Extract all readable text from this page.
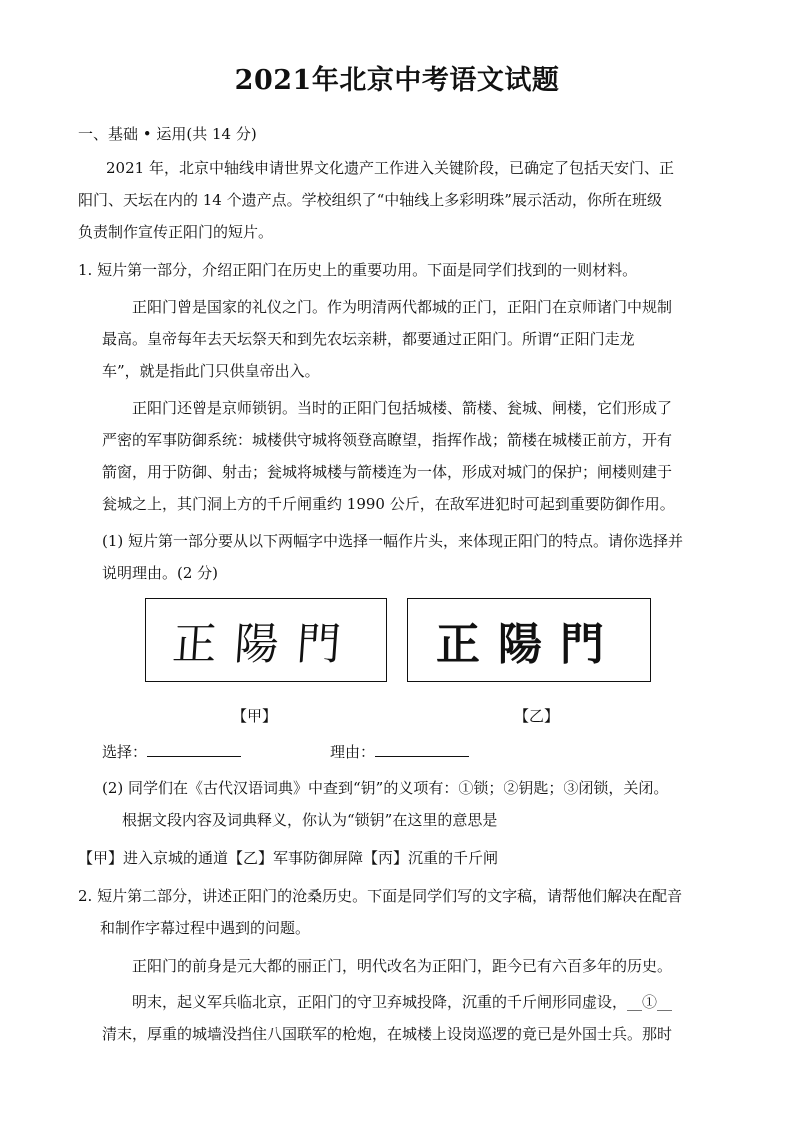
2021年北京中考语文试题
一、基础 • 运用(共 14 分)
2021 年，北京中轴线申请世界文化遗产工作进入关键阶段，已确定了包括天安门、正
阳门、天坛在内的 14 个遗产点。学校组织了“中轴线上多彩明珠”展示活动，你所在班级
负责制作宣传正阳门的短片。
1. 短片第一部分，介绍正阳门在历史上的重要功用。下面是同学们找到的一则材料。
正阳门曾是国家的礼仪之门。作为明清两代都城的正门，正阳门在京师诸门中规制
最高。皇帝每年去天坛祭天和到先农坛亲耕，都要通过正阳门。所谓“正阳门走龙
车”，就是指此门只供皇帝出入。
正阳门还曾是京师锁钥。当时的正阳门包括城楼、箭楼、瓮城、闸楼，它们形成了
严密的军事防御系统：城楼供守城将领登高瞭望，指挥作战；箭楼在城楼正前方，开有
箭窗，用于防御、射击；瓮城将城楼与箭楼连为一体，形成对城门的保护；闸楼则建于
瓮城之上，其门洞上方的千斤闸重约 1990 公斤，在敌军进犯时可起到重要防御作用。
(1) 短片第一部分要从以下两幅字中选择一幅作片头，来体现正阳门的特点。请你选择并
说明理由。(2 分)
正陽門 正陽門
【甲】	【乙】
选择：	理由：
(2) 同学们在《古代汉语词典》中查到“钥”的义项有：①锁；②钥匙；③闭锁，关闭。
根据文段内容及词典释义，你认为“锁钥”在这里的意思是
【甲】进入京城的通道【乙】军事防御屏障【丙】沉重的千斤闸
2. 短片第二部分，讲述正阳门的沧桑历史。下面是同学们写的文字稿，请帮他们解决在配音
和制作字幕过程中遇到的问题。
正阳门的前身是元大都的丽正门，明代改名为正阳门，距今已有六百多年的历史。
明末，起义军兵临北京，正阳门的守卫弃城投降，沉重的千斤闸形同虚设，__①__
清末，厚重的城墙没挡住八国联军的枪炮，在城楼上设岗巡逻的竟已是外国士兵。那时
